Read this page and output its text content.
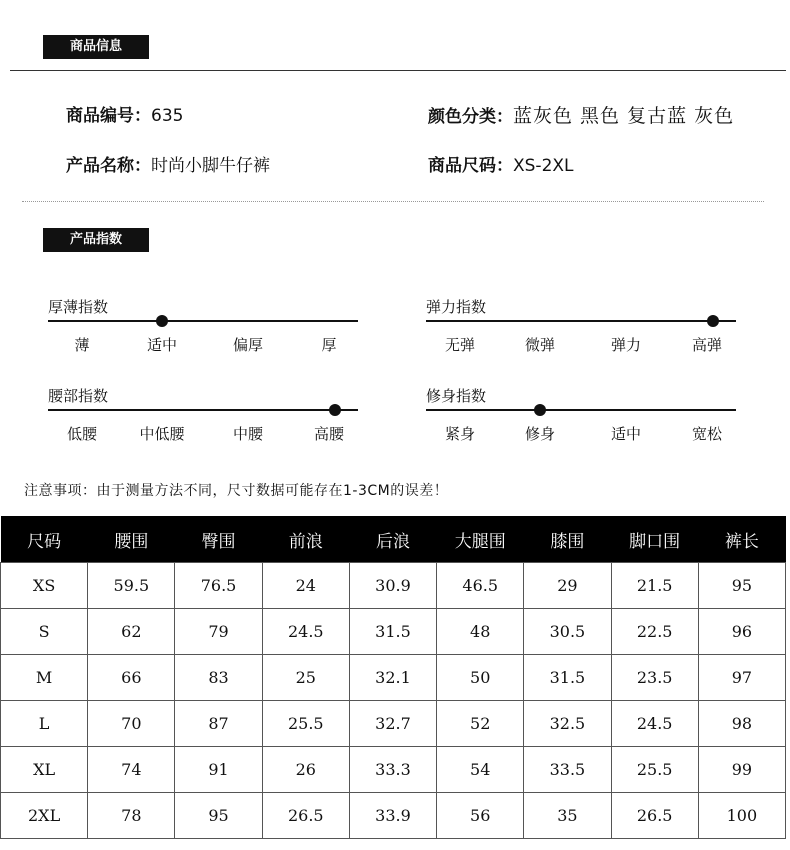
商品信息
商品编号：635	颜色分类：蓝灰色 黑色 复古蓝 灰色
产品名称：时尚小脚牛仔裤	商品尺码：XS-2XL
产品指数
厚薄指数
薄	适中	偏厚	厚
弹力指数
无弹	微弹	弹力	高弹
腰部指数
低腰	中低腰	中腰	高腰
修身指数
紧身	修身	适中	宽松
注意事项：由于测量方法不同，尺寸数据可能存在1-3CM的误差！
尺码	腰围	臀围	前浪	后浪	大腿围	膝围	脚口围	裤长
XS	59.5	76.5	24	30.9	46.5	29	21.5	95
S	62	79	24.5	31.5	48	30.5	22.5	96
M	66	83	25	32.1	50	31.5	23.5	97
L	70	87	25.5	32.7	52	32.5	24.5	98
XL	74	91	26	33.3	54	33.5	25.5	99
2XL	78	95	26.5	33.9	56	35	26.5	100
